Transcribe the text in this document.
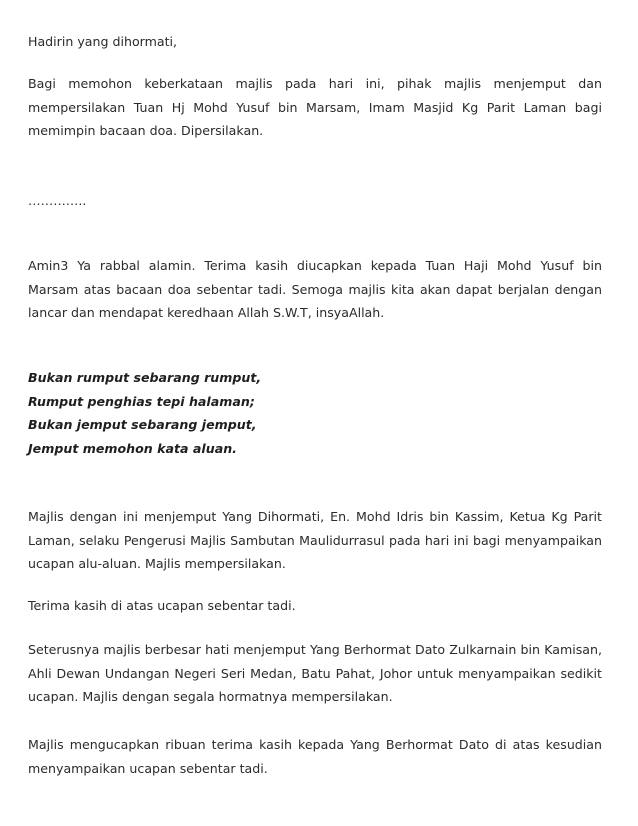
Hadirin yang dihormati,

Bagi memohon keberkataan majlis pada hari ini, pihak majlis menjemput dan
mempersilakan Tuan Hj Mohd Yusuf bin Marsam, Imam Masjid Kg Parit Laman bagi
memimpin bacaan doa. Dipersilakan.

…………..

Amin3 Ya rabbal alamin. Terima kasih diucapkan kepada Tuan Haji Mohd Yusuf bin
Marsam atas bacaan doa sebentar tadi. Semoga majlis kita akan dapat berjalan dengan
lancar dan mendapat keredhaan Allah S.W.T, insyaAllah.

Bukan rumput sebarang rumput,
Rumput penghias tepi halaman;
Bukan jemput sebarang jemput,
Jemput memohon kata aluan.

Majlis dengan ini menjemput Yang Dihormati, En. Mohd Idris bin Kassim, Ketua Kg Parit
Laman, selaku Pengerusi Majlis Sambutan Maulidurrasul pada hari ini bagi menyampaikan
ucapan alu-aluan. Majlis mempersilakan.

Terima kasih di atas ucapan sebentar tadi.

Seterusnya majlis berbesar hati menjemput Yang Berhormat Dato Zulkarnain bin Kamisan,
Ahli Dewan Undangan Negeri Seri Medan, Batu Pahat, Johor untuk menyampaikan sedikit
ucapan. Majlis dengan segala hormatnya mempersilakan.

Majlis mengucapkan ribuan terima kasih kepada Yang Berhormat Dato di atas kesudian
menyampaikan ucapan sebentar tadi.
